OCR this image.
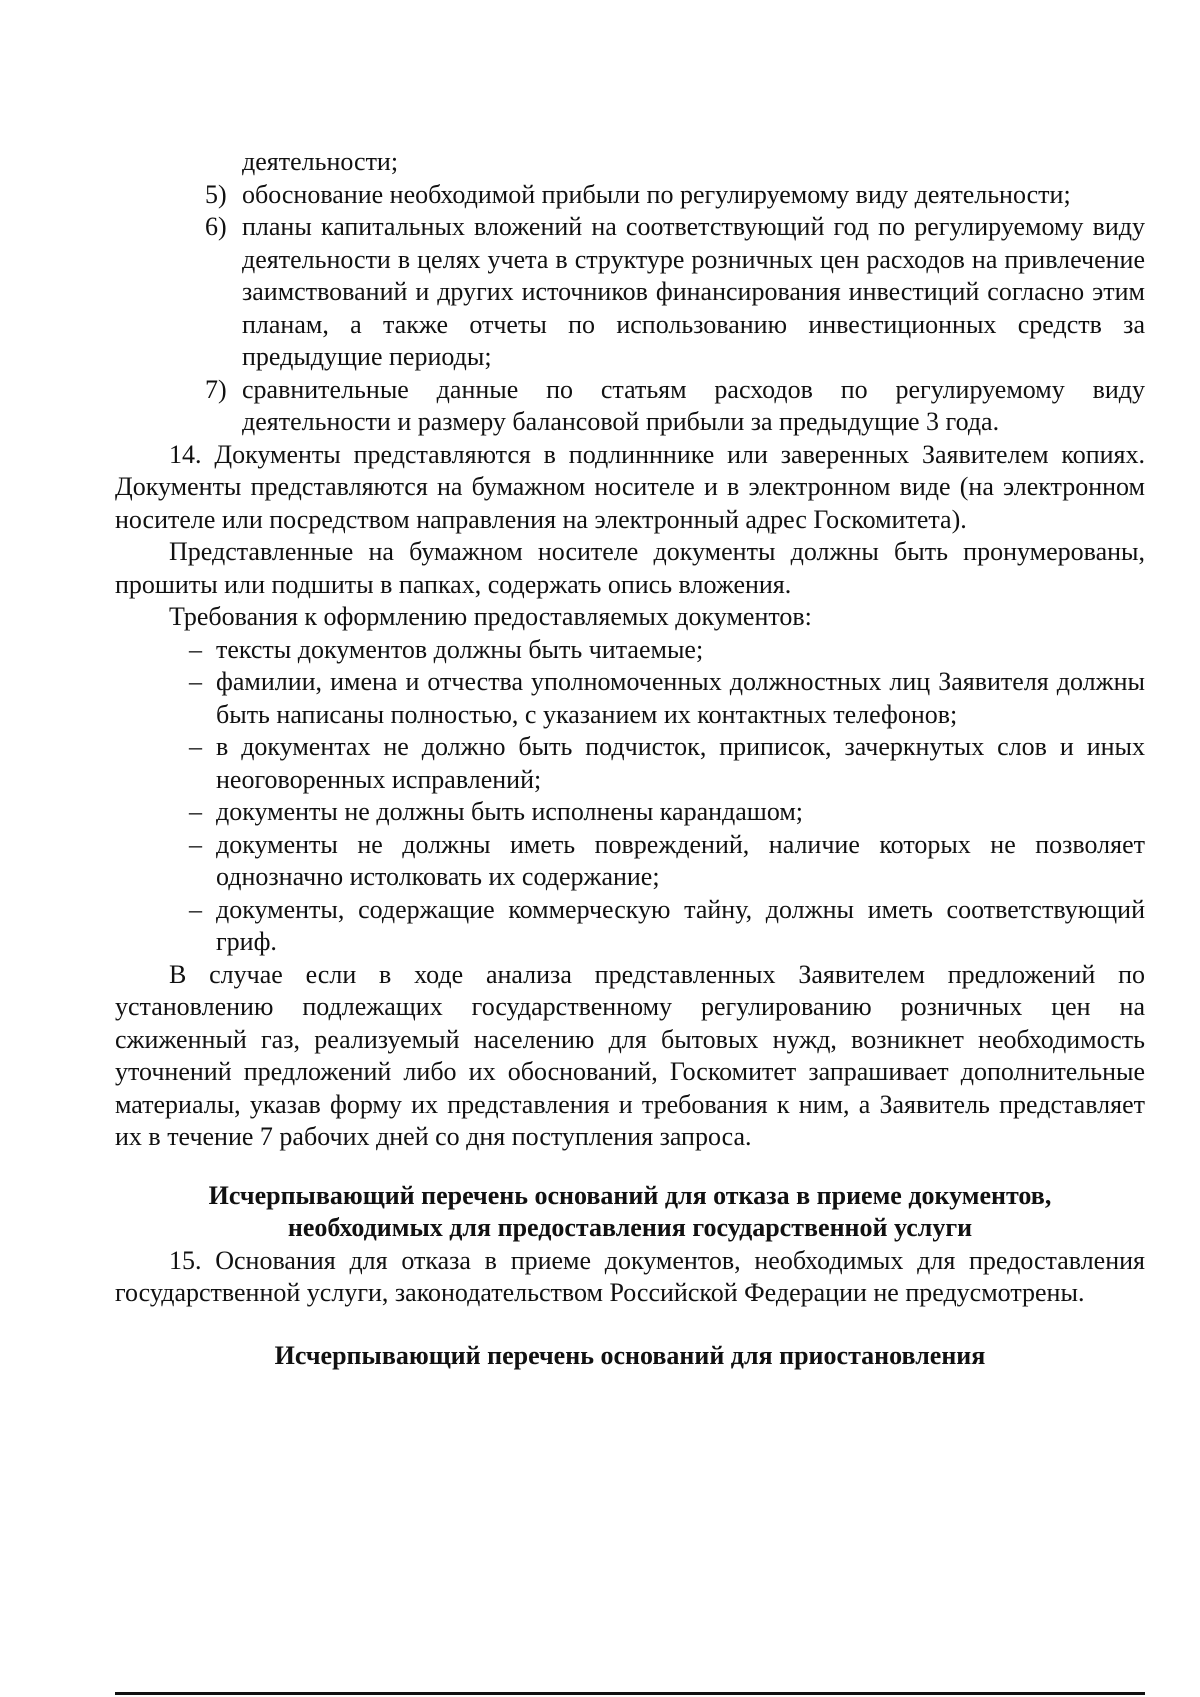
деятельности;
5) обоснование необходимой прибыли по регулируемому виду деятельности;
6) планы капитальных вложений на соответствующий год по регулируемому виду деятельности в целях учета в структуре розничных цен расходов на привлечение заимствований и других источников финансирования инвестиций согласно этим планам, а также отчеты по использованию инвестиционных средств за предыдущие периоды;
7) сравнительные данные по статьям расходов по регулируемому виду деятельности и размеру балансовой прибыли за предыдущие 3 года.
14. Документы представляются в подлинннике или заверенных Заявителем копиях. Документы представляются на бумажном носителе и в электронном виде (на электронном носителе или посредством направления на электронный адрес Госкомитета).
Представленные на бумажном носителе документы должны быть пронумерованы, прошиты или подшиты в папках, содержать опись вложения.
Требования к оформлению предоставляемых документов:
– тексты документов должны быть читаемые;
– фамилии, имена и отчества уполномоченных должностных лиц Заявителя должны быть написаны полностью, с указанием их контактных телефонов;
– в документах не должно быть подчисток, приписок, зачеркнутых слов и иных неоговоренных исправлений;
– документы не должны быть исполнены карандашом;
– документы не должны иметь повреждений, наличие которых не позволяет однозначно истолковать их содержание;
– документы, содержащие коммерческую тайну, должны иметь соответствующий гриф.
В случае если в ходе анализа представленных Заявителем предложений по установлению подлежащих государственному регулированию розничных цен на сжиженный газ, реализуемый населению для бытовых нужд, возникнет необходимость уточнений предложений либо их обоснований, Госкомитет запрашивает дополнительные материалы, указав форму их представления и требования к ним, а Заявитель представляет их в течение 7 рабочих дней со дня поступления запроса.
Исчерпывающий перечень оснований для отказа в приеме документов,
необходимых для предоставления государственной услуги
15. Основания для отказа в приеме документов, необходимых для предоставления государственной услуги, законодательством Российской Федерации не предусмотрены.
Исчерпывающий перечень оснований для приостановления
